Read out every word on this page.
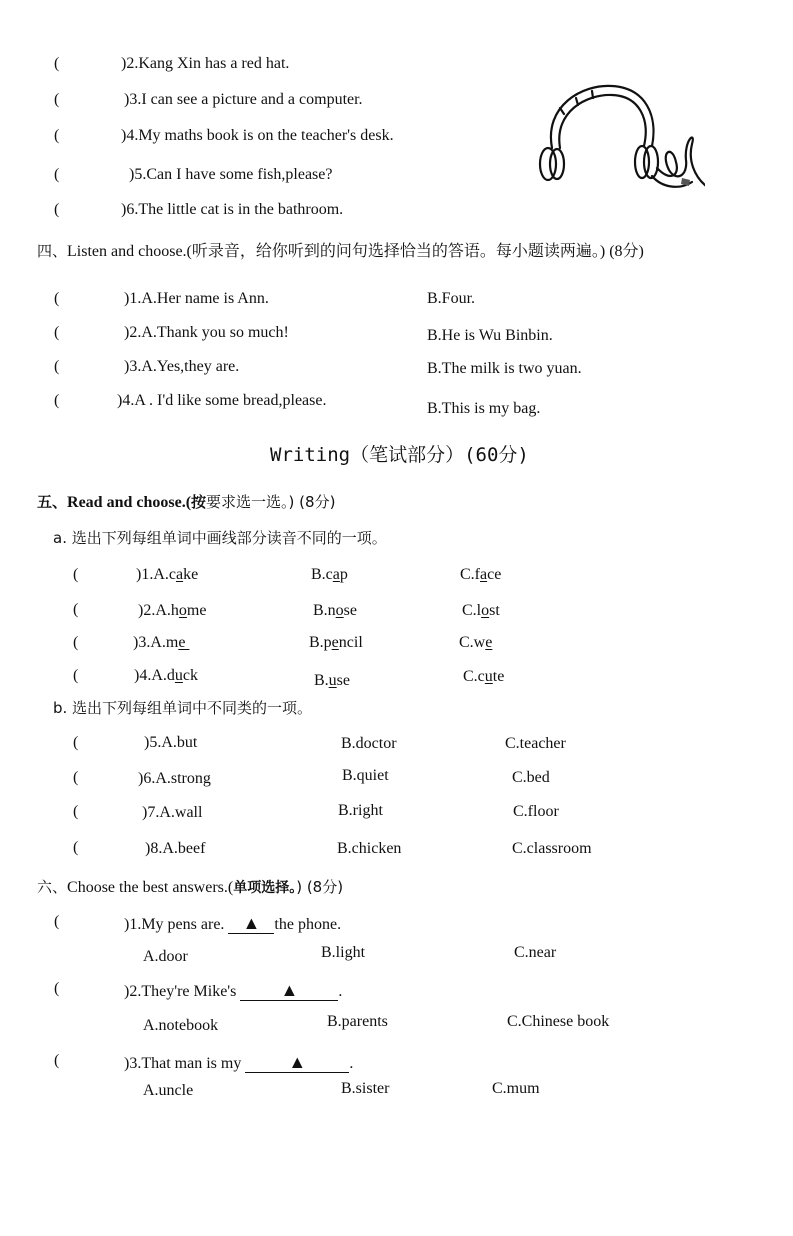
(	)2.Kang Xin has a red hat.
(	)3.I can see a picture and a computer.
(	)4.My maths book is on the teacher's desk.
(	)5.Can I have some fish,please?
(	)6.The little cat is in the bathroom.
四、Listen and choose.(听录音，给你听到的问句选择恰当的答语。每小题读两遍。) (8分)
(	)1.A.Her name is Ann.	B.Four.
(	)2.A.Thank you so much!	B.He is Wu Binbin.
(	)3.A.Yes,they are.	B.The milk is two yuan.
(	)4.A . I'd like some bread,please.	B.This is my bag.
Writing（笔试部分）(60分)
五、Read and choose.(按要求选一选。) (8分)
a. 选出下列每组单词中画线部分读音不同的一项。
(	)1.A.cake	B.cap	C.face
(	)2.A.home	B.nose	C.lost
(	)3.A.me	B.pencil	C.we
(	)4.A.duck	B.use	C.cute
b. 选出下列每组单词中不同类的一项。
(	)5.A.but	B.doctor	C.teacher
(	)6.A.strong	B.quiet	C.bed
(	)7.A.wall	B.right	C.floor
(	)8.A.beef	B.chicken	C.classroom
六、Choose the best answers.(单项选择。) (8分)
(	)1.My pens are. ▲ the phone.
A.door	B.light	C.near
(	)2.They're Mike's ▲	.
A.notebook	B.parents	C.Chinese book
(	)3.That man is my	▲	.
A.uncle	B.sister	C.mum
